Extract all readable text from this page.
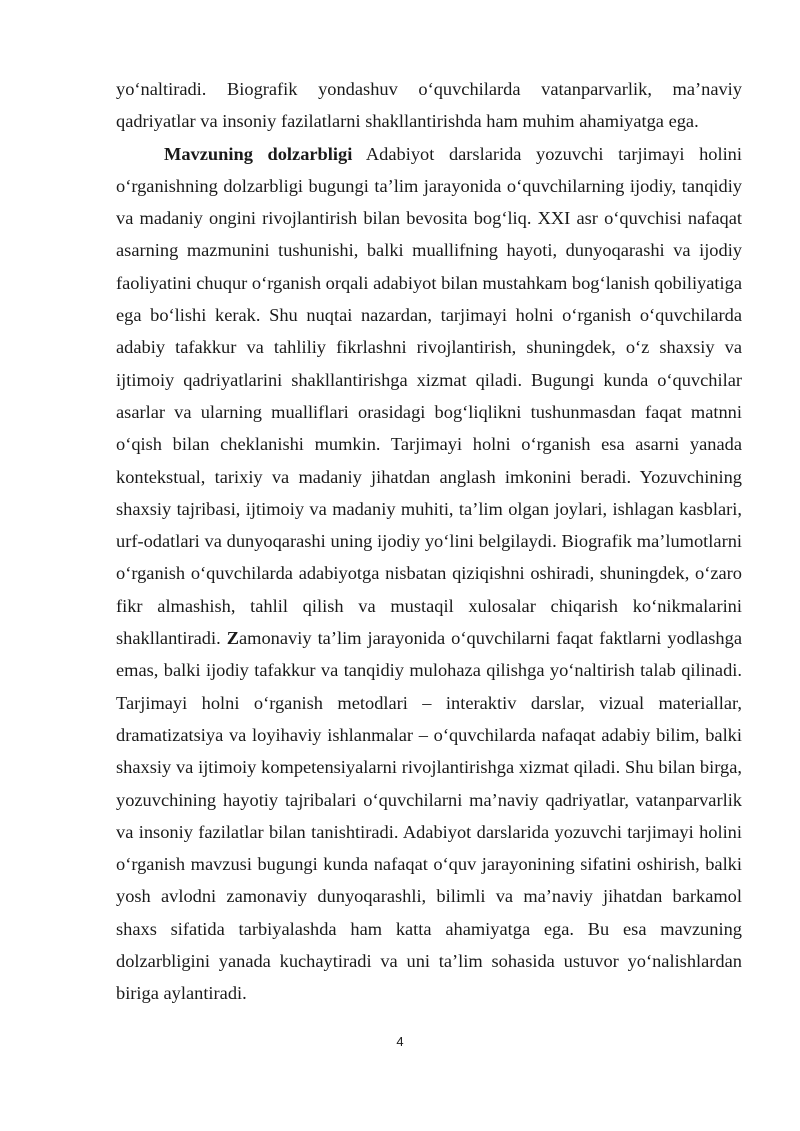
yo‘naltiradi. Biografik yondashuv o‘quvchilarda vatanparvarlik, ma’naviy qadriyatlar va insoniy fazilatlarni shakllantirishda ham muhim ahamiyatga ega.

Mavzuning dolzarbligi Adabiyot darslarida yozuvchi tarjimayi holini o‘rganishning dolzarbligi bugungi ta’lim jarayonida o‘quvchilarning ijodiy, tanqidiy va madaniy ongini rivojlantirish bilan bevosita bog‘liq. XXI asr o‘quvchisi nafaqat asarning mazmunini tushunishi, balki muallifning hayoti, dunyoqarashi va ijodiy faoliyatini chuqur o‘rganish orqali adabiyot bilan mustahkam bog‘lanish qobiliyatiga ega bo‘lishi kerak. Shu nuqtai nazardan, tarjimayi holni o‘rganish o‘quvchilarda adabiy tafakkur va tahliliy fikrlashni rivojlantirish, shuningdek, o‘z shaxsiy va ijtimoiy qadriyatlarini shakllantirishga xizmat qiladi. Bugungi kunda o‘quvchilar asarlar va ularning mualliflari orasidagi bog‘liqlikni tushunmasdan faqat matnni o‘qish bilan cheklanishi mumkin. Tarjimayi holni o‘rganish esa asarni yanada kontekstual, tarixiy va madaniy jihatdan anglash imkonini beradi. Yozuvchining shaxsiy tajribasi, ijtimoiy va madaniy muhiti, ta’lim olgan joylari, ishlagan kasblari, urf-odatlari va dunyoqarashi uning ijodiy yo‘lini belgilaydi. Biografik ma’lumotlarni o‘rganish o‘quvchilarda adabiyotga nisbatan qiziqishni oshiradi, shuningdek, o‘zaro fikr almashish, tahlil qilish va mustaqil xulosalar chiqarish ko‘nikmalarini shakllantiradi. Zamonaviy ta’lim jarayonida o‘quvchilarni faqat faktlarni yodlashga emas, balki ijodiy tafakkur va tanqidiy mulohaza qilishga yo‘naltirish talab qilinadi. Tarjimayi holni o‘rganish metodlari – interaktiv darslar, vizual materiallar, dramatizatsiya va loyihaviy ishlanmalar – o‘quvchilarda nafaqat adabiy bilim, balki shaxsiy va ijtimoiy kompetensiyalarni rivojlantirishga xizmat qiladi. Shu bilan birga, yozuvchining hayotiy tajribalari o‘quvchilarni ma’naviy qadriyatlar, vatanparvarlik va insoniy fazilatlar bilan tanishtiradi. Adabiyot darslarida yozuvchi tarjimayi holini o‘rganish mavzusi bugungi kunda nafaqat o‘quv jarayonining sifatini oshirish, balki yosh avlodni zamonaviy dunyoqarashli, bilimli va ma’naviy jihatdan barkamol shaxs sifatida tarbiyalashda ham katta ahamiyatga ega. Bu esa mavzuning dolzarbligini yanada kuchaytiradi va uni ta’lim sohasida ustuvor yo‘nalishlardan biriga aylantiradi.

4
